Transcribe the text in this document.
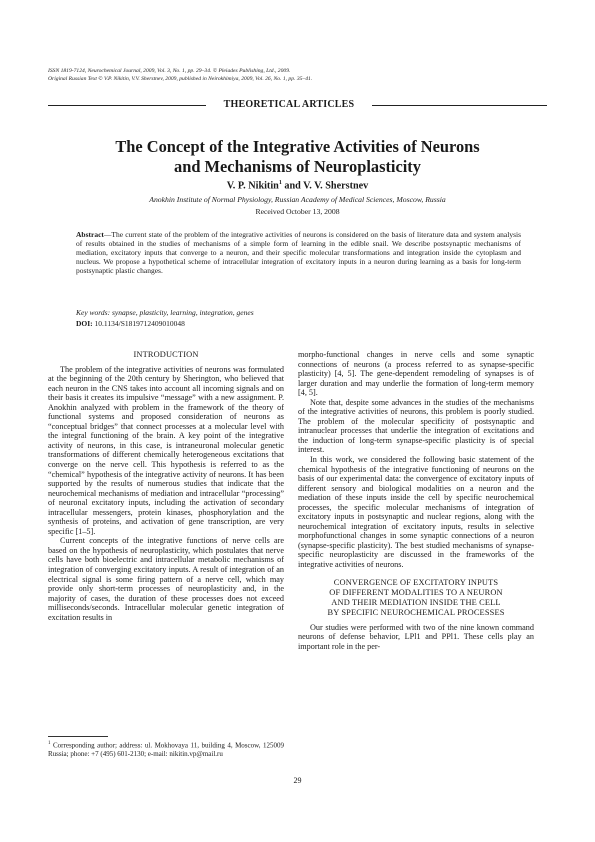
ISSN 1819-7124, Neurochemical Journal, 2009, Vol. 3, No. 1, pp. 29–34. © Pleiades Publishing, Ltd., 2009.
Original Russian Text © V.P. Nikitin, V.V. Sherstnev, 2009, published in Neirokhimiya, 2009, Vol. 26, No. 1, pp. 35–41.
THEORETICAL ARTICLES
The Concept of the Integrative Activities of Neurons
and Mechanisms of Neuroplasticity
V. P. Nikitin$^1$ and V. V. Sherstnev
Anokhin Institute of Normal Physiology, Russian Academy of Medical Sciences, Moscow, Russia
Received October 13, 2008
Abstract—The current state of the problem of the integrative activities of neurons is considered on the basis of literature data and system analysis of results obtained in the studies of mechanisms of a simple form of learning in the edible snail. We describe postsynaptic mechanisms of mediation, excitatory inputs that converge to a neuron, and their specific molecular transformations and integration inside the cytoplasm and nucleus. We propose a hypothetical scheme of intracellular integration of excitatory inputs in a neuron during learning as a basis for long-term postsynaptic plastic changes.
Key words: synapse, plasticity, learning, integration, genes
DOI: 10.1134/S1819712409010048
INTRODUCTION

The problem of the integrative activities of neurons was formulated at the beginning of the 20th century by Sherington, who believed that each neuron in the CNS takes into account all incoming signals and on their basis it creates its impulsive “message” with a new assignment. P. Anokhin analyzed with problem in the framework of the theory of functional systems and proposed consideration of neurons as “conceptual bridges” that connect processes at a molecular level with the integral functioning of the brain. A key point of the integrative activity of neurons, in this case, is intraneuronal molecular genetic transformations of different chemically heterogeneous excitations that converge on the nerve cell. This hypothesis is referred to as the “chemical” hypothesis of the integrative activity of neurons. It has been supported by the results of numerous studies that indicate that the neurochemical mechanisms of mediation and intracellular “processing” of neuronal excitatory inputs, including the activation of secondary intracellular messengers, protein kinases, phosphorylation and the synthesis of proteins, and activation of gene transcription, are very specific [1–5].

Current concepts of the integrative functions of nerve cells are based on the hypothesis of neuroplasticity, which postulates that nerve cells have both bioelectric and intracellular metabolic mechanisms of integration of converging excitatory inputs. A result of integration of an electrical signal is some firing pattern of a nerve cell, which may provide only short-term processes of neuroplasticity and, in the majority of cases, the duration of these processes does not exceed milliseconds/seconds. Intracellular molecular genetic integration of excitation results in

morpho-functional changes in nerve cells and some synaptic connections of neurons (a process referred to as synapse-specific plasticity) [4, 5]. The gene-dependent remodeling of synapses is of larger duration and may underlie the formation of long-term memory [4, 5].

Note that, despite some advances in the studies of the mechanisms of the integrative activities of neurons, this problem is poorly studied. The problem of the molecular specificity of postsynaptic and intranuclear processes that underlie the integration of excitations and the induction of long-term synapse-specific plasticity is of special interest.

In this work, we considered the following basic statement of the chemical hypothesis of the integrative functioning of neurons on the basis of our experimental data: the convergence of excitatory inputs of different sensory and biological modalities on a neuron and the mediation of these inputs inside the cell by specific neurochemical processes, the specific molecular mechanisms of integration of excitatory inputs in postsynaptic and nuclear regions, along with the neurochemical integration of excitatory inputs, results in selective morphofunctional changes in some synaptic connections of a neuron (synapse-specific plasticity). The best studied mechanisms of synapse-specific neuroplasticity are discussed in the frameworks of the integrative activities of neurons.

CONVERGENCE OF EXCITATORY INPUTS
OF DIFFERENT MODALITIES TO A NEURON
AND THEIR MEDIATION INSIDE THE CELL
BY SPECIFIC NEUROCHEMICAL PROCESSES

Our studies were performed with two of the nine known command neurons of defense behavior, LPl1 and PPl1. These cells play an important role in the per-

$^1$ Corresponding author; address: ul. Mokhovaya 11, building 4, Moscow, 125009 Russia; phone: +7 (495) 601-2130; e-mail: nikitin.vp@mail.ru
29
